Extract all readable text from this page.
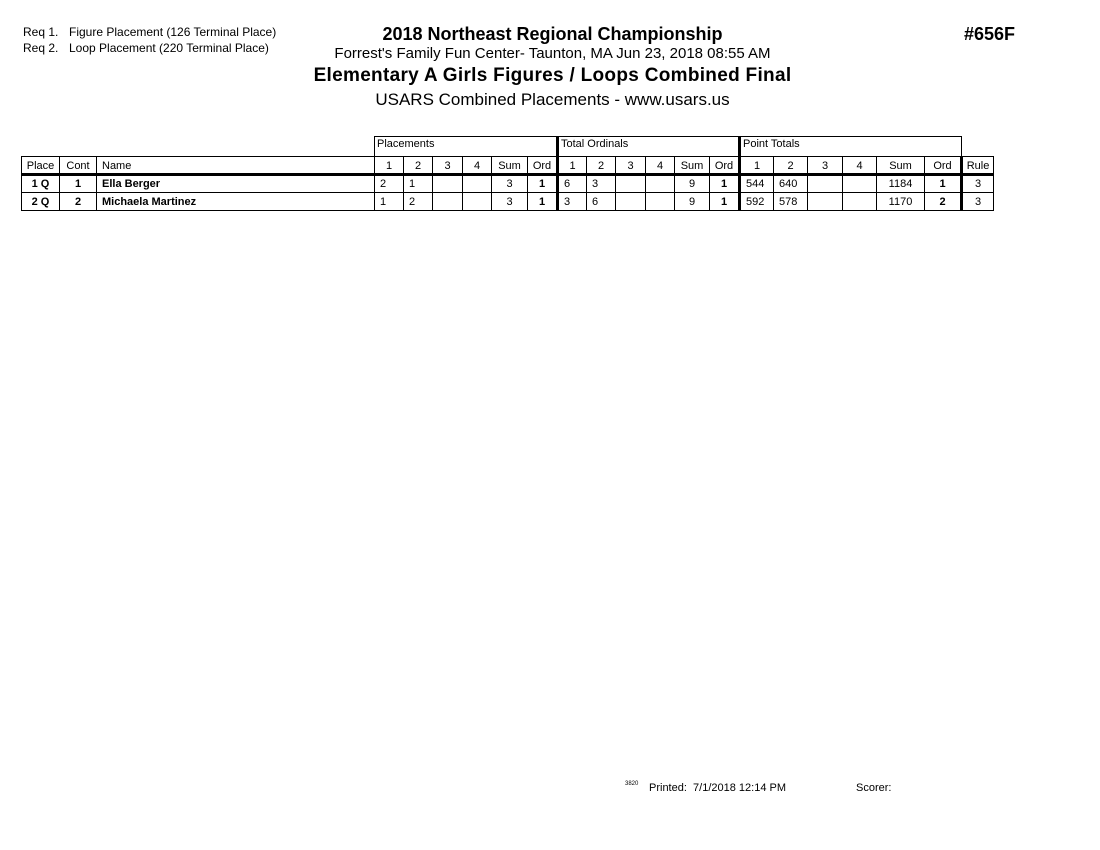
Req 1. Figure Placement (126 Terminal Place)
Req 2. Loop Placement (220 Terminal Place)
2018 Northeast Regional Championship
Forrest's Family Fun Center- Taunton, MA Jun 23, 2018 08:55 AM
Elementary A Girls Figures / Loops Combined Final
USARS Combined Placements - www.usars.us
#656F
			Placements						Total Ordinals						Point Totals						
Place	Cont	Name	1	2	3	4	Sum	Ord	1	2	3	4	Sum	Ord	1	2	3	4	Sum	Ord	Rule
1 Q	1	Ella Berger	2	1			3	1	6	3			9	1	544	640			1184	1	3
2 Q	2	Michaela Martinez	1	2			3	1	3	6			9	1	592	578			1170	2	3
3820 Printed: 7/1/2018 12:14 PM	Scorer:
